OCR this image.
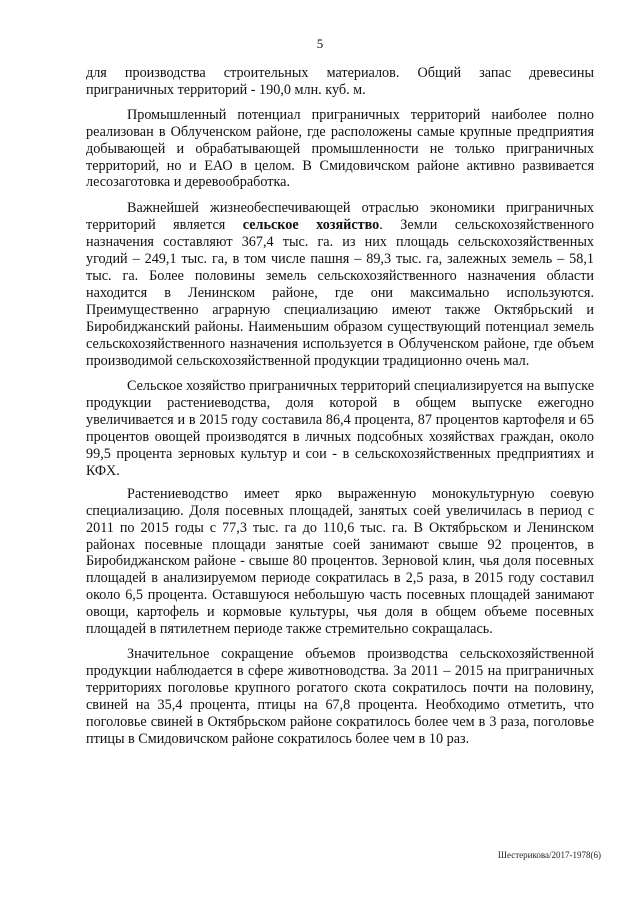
5

для производства строительных материалов. Общий запас древесины приграничных территорий - 190,0 млн. куб. м.

Промышленный потенциал приграничных территорий наиболее полно реализован в Облученском районе, где расположены самые крупные предприятия добывающей и обрабатывающей промышленности не только приграничных территорий, но и ЕАО в целом. В Смидовичском районе активно развивается лесозаготовка и деревообработка.

Важнейшей жизнеобеспечивающей отраслью экономики приграничных территорий является сельское хозяйство. Земли сельскохозяйственного назначения составляют 367,4 тыс. га. из них площадь сельскохозяйственных угодий – 249,1 тыс. га, в том числе пашня – 89,3 тыс. га, залежных земель – 58,1 тыс. га. Более половины земель сельскохозяйственного назначения области находится в Ленинском районе, где они максимально используются. Преимущественно аграрную специализацию имеют также Октябрьский и Биробиджанский районы. Наименьшим образом существующий потенциал земель сельскохозяйственного назначения используется в Облученском районе, где объем производимой сельскохозяйственной продукции традиционно очень мал.

Сельское хозяйство приграничных территорий специализируется на выпуске продукции растениеводства, доля которой в общем выпуске ежегодно увеличивается и в 2015 году составила 86,4 процента, 87 процентов картофеля и 65 процентов овощей производятся в личных подсобных хозяйствах граждан, около 99,5 процента зерновых культур и сои - в сельскохозяйственных предприятиях и КФХ.

Растениеводство имеет ярко выраженную монокультурную соевую специализацию. Доля посевных площадей, занятых соей увеличилась в период с 2011 по 2015 годы с 77,3 тыс. га до 110,6 тыс. га. В Октябрьском и Ленинском районах посевные площади занятые соей занимают свыше 92 процентов, в Биробиджанском районе - свыше 80 процентов. Зерновой клин, чья доля посевных площадей в анализируемом периоде сократилась в 2,5 раза, в 2015 году составил около 6,5 процента. Оставшуюся небольшую часть посевных площадей занимают овощи, картофель и кормовые культуры, чья доля в общем объеме посевных площадей в пятилетнем периоде также стремительно сокращалась.

Значительное сокращение объемов производства сельскохозяйственной продукции наблюдается в сфере животноводства. За 2011 – 2015 на приграничных территориях поголовье крупного рогатого скота сократилось почти на половину, свиней на 35,4 процента, птицы на 67,8 процента. Необходимо отметить, что поголовье свиней в Октябрьском районе сократилось более чем в 3 раза, поголовье птицы в Смидовичском районе сократилось более чем в 10 раз.

Шестерикова/2017-1978(6)
